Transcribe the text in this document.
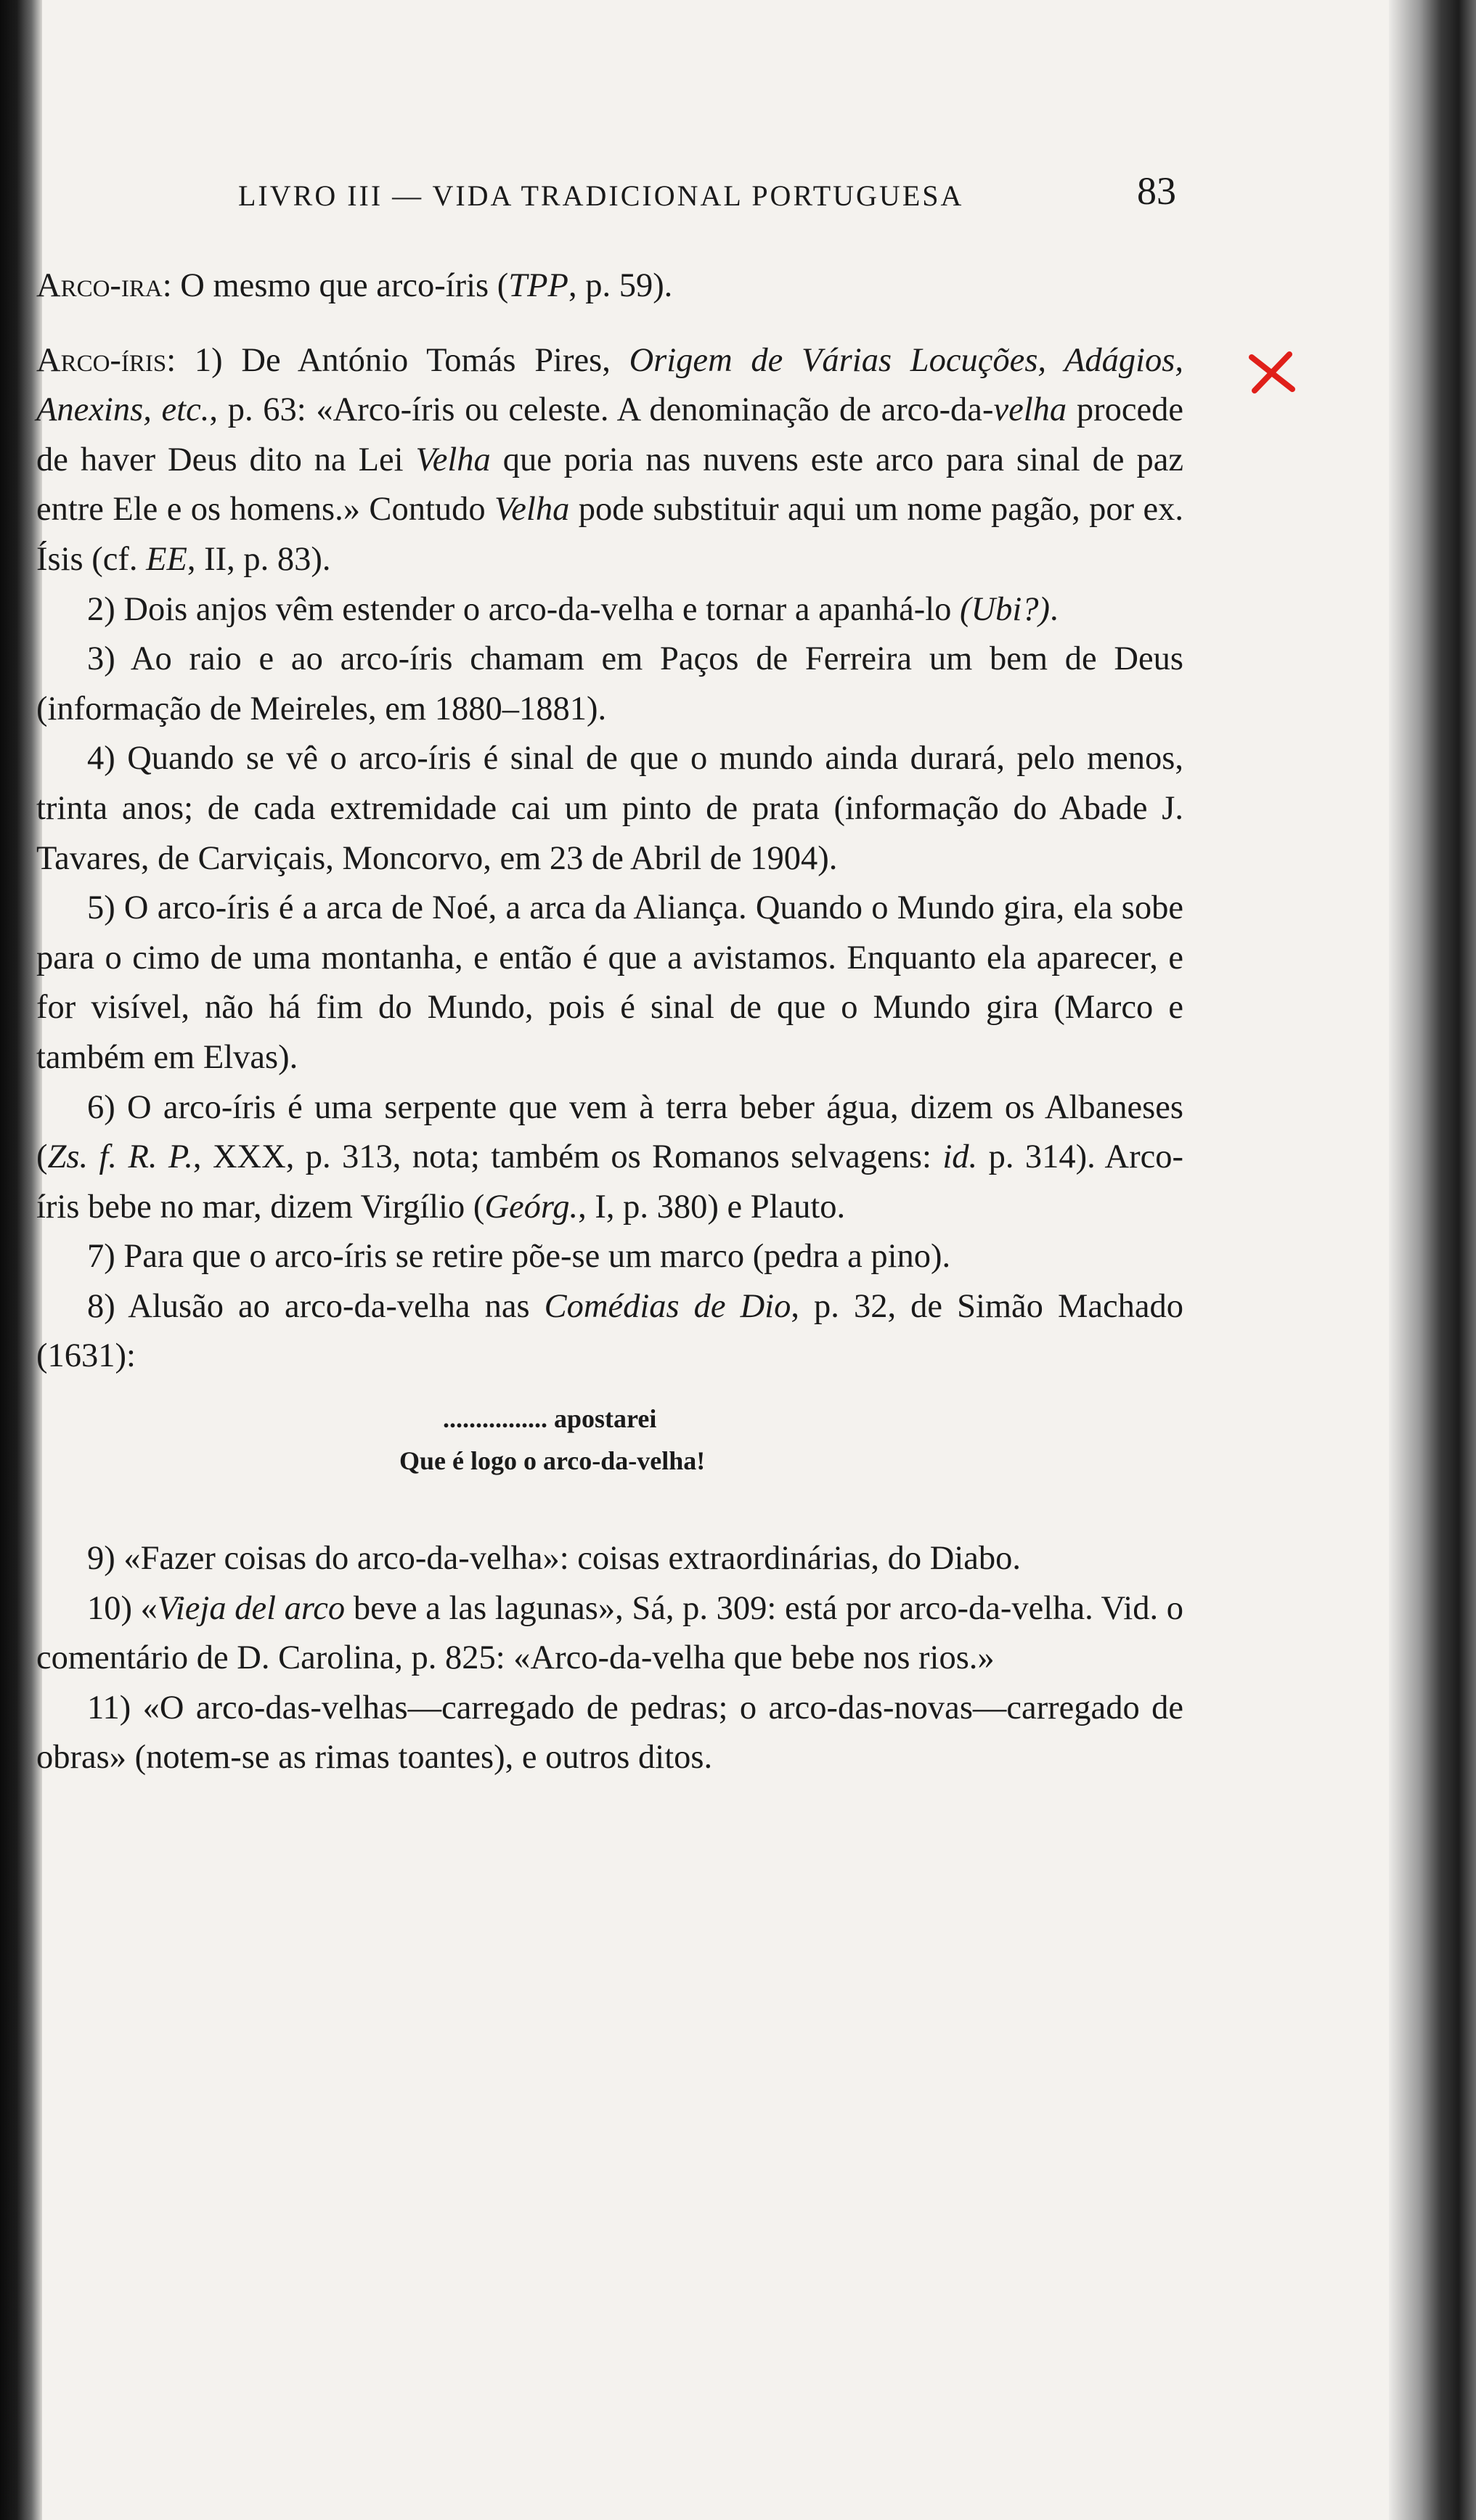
LIVRO III — VIDA TRADICIONAL PORTUGUESA	83

Arco-ira: O mesmo que arco-íris (TPP, p. 59).

Arco-íris: 1) De António Tomás Pires, Origem de Várias Locuções, Adágios, Anexins, etc., p. 63: «Arco-íris ou celeste. A denominação de arco-da-velha procede de haver Deus dito na Lei Velha que poria nas nuvens este arco para sinal de paz entre Ele e os homens.» Contudo Velha pode substituir aqui um nome pagão, por ex. Ísis (cf. EE, II, p. 83).

2) Dois anjos vêm estender o arco-da-velha e tornar a apanhá-lo (Ubi?).

3) Ao raio e ao arco-íris chamam em Paços de Ferreira um bem de Deus (informação de Meireles, em 1880–1881).

4) Quando se vê o arco-íris é sinal de que o mundo ainda durará, pelo menos, trinta anos; de cada extremidade cai um pinto de prata (informação do Abade J. Tavares, de Carviçais, Moncorvo, em 23 de Abril de 1904).

5) O arco-íris é a arca de Noé, a arca da Aliança. Quando o Mundo gira, ela sobe para o cimo de uma montanha, e então é que a avistamos. Enquanto ela aparecer, e for visível, não há fim do Mundo, pois é sinal de que o Mundo gira (Marco e também em Elvas).

6) O arco-íris é uma serpente que vem à terra beber água, dizem os Albaneses (Zs. f. R. P., XXX, p. 313, nota; também os Romanos selvagens: id. p. 314). Arco-íris bebe no mar, dizem Virgílio (Geórg., I, p. 380) e Plauto.

7) Para que o arco-íris se retire põe-se um marco (pedra a pino).

8) Alusão ao arco-da-velha nas Comédias de Dio, p. 32, de Simão Machado (1631):

................ apostarei
Que é logo o arco-da-velha!

9) «Fazer coisas do arco-da-velha»: coisas extraordinárias, do Diabo.

10) «Vieja del arco beve a las lagunas», Sá, p. 309: está por arco-da-velha. Vid. o comentário de D. Carolina, p. 825: «Arco-da-velha que bebe nos rios.»

11) «O arco-das-velhas—carregado de pedras; o arco-das-novas—carregado de obras» (notem-se as rimas toantes), e outros ditos.
